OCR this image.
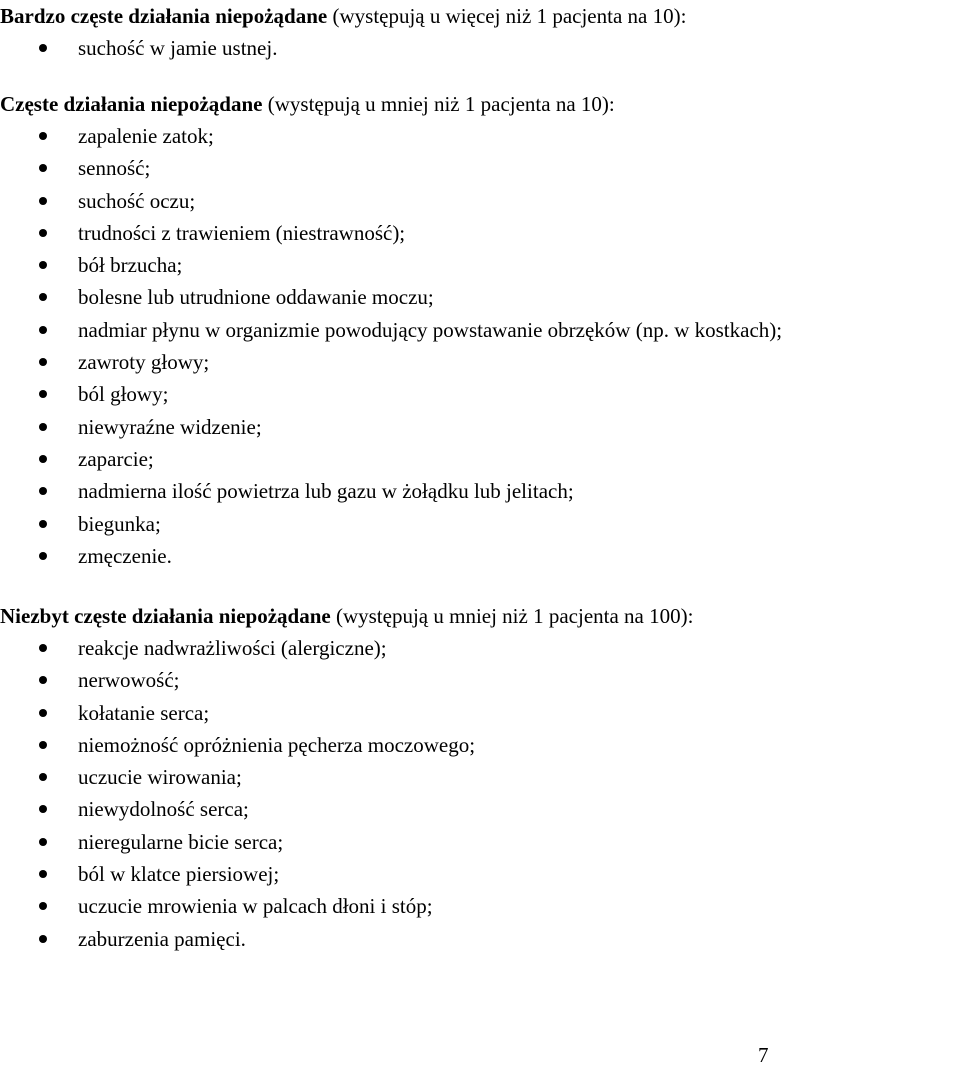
Bardzo częste działania niepożądane (występują u więcej niż 1 pacjenta na 10):

suchość w jamie ustnej.

Częste działania niepożądane (występują u mniej niż 1 pacjenta na 10):

zapalenie zatok;
senność;
suchość oczu;
trudności z trawieniem (niestrawność);
bół brzucha;
bolesne lub utrudnione oddawanie moczu;
nadmiar płynu w organizmie powodujący powstawanie obrzęków (np. w kostkach);
zawroty głowy;
ból głowy;
niewyraźne widzenie;
zaparcie;
nadmierna ilość powietrza lub gazu w żołądku lub jelitach;
biegunka;
zmęczenie.

Niezbyt częste działania niepożądane (występują u mniej niż 1 pacjenta na 100):

reakcje nadwrażliwości (alergiczne);
nerwowość;
kołatanie serca;
niemożność opróżnienia pęcherza moczowego;
uczucie wirowania;
niewydolność serca;
nieregularne bicie serca;
ból w klatce piersiowej;
uczucie mrowienia w palcach dłoni i stóp;
zaburzenia pamięci.
7
